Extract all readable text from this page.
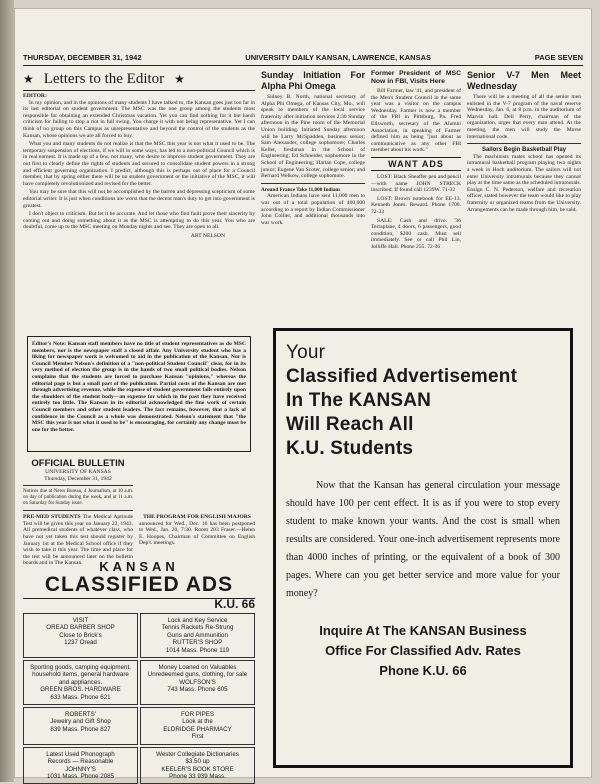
THURSDAY, DECEMBER 31, 1942	UNIVERSITY DAILY KANSAN, LAWRENCE, KANSAS	PAGE SEVEN
★ Letters to the Editor ★
EDITOR:
In my opinion, and in the opinions of many students I have talked to, the Kansan goes just too far in its last editorial on student government. The MSC was the one group among the students most responsible for obtaining an extended Christmas vacation. Yet you can find nothing for it but harsh criticism for failing to stop a riot in full swing. You charge it with not being representative. Yet I can think of no group on this Campus as unrepresentative and beyond the control of the students as the Kansan, whose opinions we are all forced to buy.
What you and many students do not realize is that the MSC this year is not what it used to be. The temporary suspension of elections, if we will in some ways, has led to a non-political Council which is in real earnest. It is made up of a few, not many, who desire to improve student government. They are out first to clearly define the rights of students and secured to consolidate student powers in a strong and efficient governing organization. I predict, although this is perhaps out of place for a Council member, that by spring either there will be no student government or the initiative of the MSC, it will have completely revolutionized and revised for the better.
You may be sure that this will not be accomplished by the barren and depressing scepticism of some editorial writer. It is just when conditions are worst that the decent man's duty to get into government is greatest.
I don't object to criticism. But let it be accurate. And let those who find fault prove their sincerity by coming out and doing something about it as the MSC is attempting to do this year. You who are doubtful, come up to the MSC meeting on Monday nights and see. They are open to all.
ART NELSON
Editor's Note: Kansan staff members have no title of student representatives as do MSC members, nor is the newspaper staff a closed affair. Any University student who has a liking for newspaper work is welcomed to aid in the publication of the Kansan. Nor is Council Member Nelson's definition of a "non-political Student Council" clear, for in its very method of election the group is in the hands of two small political bodies. Nelson complains that the students are forced to purchase Kansan "opinions," whereas the editorial page is but a small part of the publication. Partial costs of the Kansan are met through advertising revenue, while the expense of student government falls entirely upon the shoulders of the student body—an expense for which in the past they have received entirely too little. The Kansan in its editorial acknowledged the fine work of certain Council members and other student leaders. The fact remains, however, that a lack of confidence in the Council as a whole was demonstrated. Nelson's statement that "the MSC this year is not what it used to be" is encouraging, for certainly any change must be one for the better.
OFFICIAL BULLETIN
UNIVERSITY OF KANSAS
Thursday, December 31, 1942
Notices due at News Bureau, 4 Journalism, at 10 a.m. on day of publication during the week, and at 11 a.m. on Saturday for Sunday issue.
PRE-MED STUDENTS The Medical Aptitude Test will be given this year on January 22, 1943. All premedical students of whatever class, who have not yet taken this test should register by January 1st at the Medical School office if they wish to take it this year. The time and place for the test will be announced later on the bulletin boards and in The Kansan.
THE PROGRAM FOR ENGLISH MAJORS
announced for Wed., Dec. 16 has been postponed to Wed., Jan. 20, 7:30. Room 203 Fraser.—Helen E. Hoopes, Chairman of Committee on English Dep't. meetings.
KANSAN
CLASSIFIED ADS
K.U. 66
VISIT
OREAD BARBER SHOP
Close to Brick's
1237 Oread
Lock and Key Service
Tennis Rackets Re-Strung
Guns and Ammunition
RUTTER'S SHOP
1014 Mass. Phone 119
Sporting goods, camping equipment, household items, general hardware and appliances.
GREEN BROS. HARDWARE
633 Mass. Phone 621
Money Loaned on Valuables
Unredeemed guns, clothing, for sale
WOLFSON'S
743 Mass. Phone 605
ROBERTS'
Jewelry and Gift Shop
839 Mass. Phone 827
FOR PIPES
Look at the
ELDRIDGE PHARMACY
First
Latest Used Phonograph
Records — Reasonable
JOHNNY'S
1031 Mass. Phone 2085
Wester Collegiate Dictionaries
$3.50 up
KEELER'S BOOK STORE
Phone 33 939 Mass.
Sunday Initiation For Alpha Phi Omega
Sidney B. North, national secretary of Alpha Phi Omega, of Kansas City, Mo., will speak to members of the local service fraternity after initiation services 2:30 Sunday afternoon in the Pine room of the Memorial Union building. Initiated Sunday afternoon will be Larry McSpadden, business senior; Sam Alexander, college sophomore; Charles Keller, freshman in the School of Engineering; Ed Schneider, sophomore in the School of Engineering; Harlan Cope, college junior; Eugene Van Scoter, college senior; and Bernard Welkow, college sophomore.
Around France Take 11,000 Indians
American Indians have sent 11,000 men to war out of a total population of 400,000 according to a report by Indian Commissioner John Collier, and additional thousands into war work.
Former President of MSC Now in FBI, Visits Here
Bill Farmer, law '41, and president of the Men's Student Council in the same year was a visitor on the campus Wednesday. Farmer is now a member of the FBI in Pittsburg, Pa. Fred Ellsworth, secretary of the Alumni Association, in speaking of Farmer defined him as being "just about as communicative as any other FBI member about his work."
WANT ADS
LOST: Black Sheaffer pen and pencil—with name JOHN STRECK inscribed. If found call 1239W. 71-32
LOST: Brown notebook for EE-13. Kenneth Jones. Reward. Phone 1700. 72-33
SALE: Cash and drive. '36 Terraplane, 4 doors, 6 passengers, good condition, $200 cash. Must sell immediately. See or call Phil Lin, Jolliffe Hall. Phone 255. 72-36
Senior V-7 Men Meet Wednesday
There will be a meeting of all the senior men enlisted in the V-7 program of the naval reserve Wednesday, Jan. 6, at 8 p.m. in the auditorium of Marvin hall. Dell Perry, chairman of the organization, urges that every man attend. At the meeting, the men will study the Morse international code.
Sailors Begin Basketball Play
The machinists mates school has opened its intramural basketball program playing two nights a week in Hoch auditorium. The sailors will not enter University intramurals because they cannot play at the time same as the scheduled intramurals. Ensign C. N. Pederson, welfare and recreation officer, stated however the team would like to play fraternity or organized teams from the University. Arrangements can be made through him, he said.
Your
Classified Advertisement
In The KANSAN
Will Reach All
K.U. Students
Now that the Kansan has general circulation your message should have 100 per cent effect. It is as if you were to stop every student to make known your wants. And the cost is small when results are considered. Your one-inch advertisement represents more than 4000 inches of printing, or the equivalent of a book of 300 pages. Where can you get better service and more value for your money?
Inquire At The KANSAN Business
Office For Classified Adv. Rates
Phone K.U. 66
